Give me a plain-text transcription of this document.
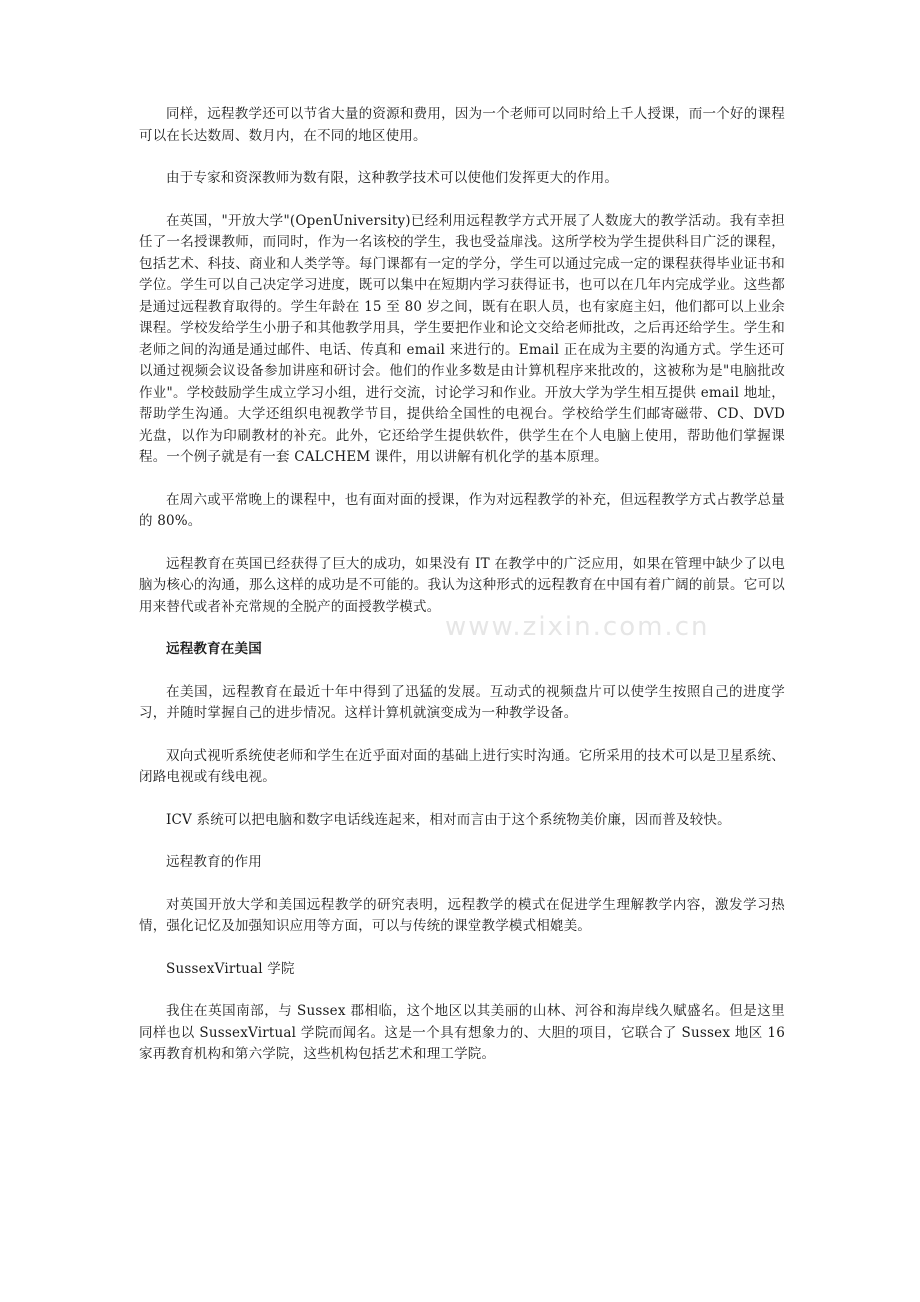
同样，远程教学还可以节省大量的资源和费用，因为一个老师可以同时给上千人授课，而一个好的课程可以在长达数周、数月内，在不同的地区使用。

由于专家和资深教师为数有限，这种教学技术可以使他们发挥更大的作用。

在英国，"开放大学"(OpenUniversity)已经利用远程教学方式开展了人数庞大的教学活动。我有幸担任了一名授课教师，而同时，作为一名该校的学生，我也受益扉浅。这所学校为学生提供科目广泛的课程，包括艺术、科技、商业和人类学等。每门课都有一定的学分，学生可以通过完成一定的课程获得毕业证书和学位。学生可以自己决定学习进度，既可以集中在短期内学习获得证书，也可以在几年内完成学业。这些都是通过远程教育取得的。学生年龄在 15 至 80 岁之间，既有在职人员，也有家庭主妇，他们都可以上业余课程。学校发给学生小册子和其他教学用具，学生要把作业和论文交给老师批改，之后再还给学生。学生和老师之间的沟通是通过邮件、电话、传真和 email 来进行的。Email 正在成为主要的沟通方式。学生还可以通过视频会议设备参加讲座和研讨会。他们的作业多数是由计算机程序来批改的，这被称为是"电脑批改作业"。学校鼓励学生成立学习小组，进行交流，讨论学习和作业。开放大学为学生相互提供 email 地址，帮助学生沟通。大学还组织电视教学节目，提供给全国性的电视台。学校给学生们邮寄磁带、CD、DVD 光盘，以作为印刷教材的补充。此外，它还给学生提供软件，供学生在个人电脑上使用，帮助他们掌握课程。一个例子就是有一套 CALCHEM 课件，用以讲解有机化学的基本原理。

在周六或平常晚上的课程中，也有面对面的授课，作为对远程教学的补充，但远程教学方式占教学总量的 80%。

远程教育在英国已经获得了巨大的成功，如果没有 IT 在教学中的广泛应用，如果在管理中缺少了以电脑为核心的沟通，那么这样的成功是不可能的。我认为这种形式的远程教育在中国有着广阔的前景。它可以用来替代或者补充常规的全脱产的面授教学模式。

远程教育在美国

在美国，远程教育在最近十年中得到了迅猛的发展。互动式的视频盘片可以使学生按照自己的进度学习，并随时掌握自己的进步情况。这样计算机就演变成为一种教学设备。

双向式视听系统使老师和学生在近乎面对面的基础上进行实时沟通。它所采用的技术可以是卫星系统、闭路电视或有线电视。

ICV 系统可以把电脑和数字电话线连起来，相对而言由于这个系统物美价廉，因而普及较快。

远程教育的作用

对英国开放大学和美国远程教学的研究表明，远程教学的模式在促进学生理解教学内容，激发学习热情，强化记忆及加强知识应用等方面，可以与传统的课堂教学模式相媲美。

SussexVirtual 学院

我住在英国南部，与 Sussex 郡相临，这个地区以其美丽的山林、河谷和海岸线久赋盛名。但是这里同样也以 SussexVirtual 学院而闻名。这是一个具有想象力的、大胆的项目，它联合了 Sussex 地区 16 家再教育机构和第六学院，这些机构包括艺术和理工学院。

www.zixin.com.cn
